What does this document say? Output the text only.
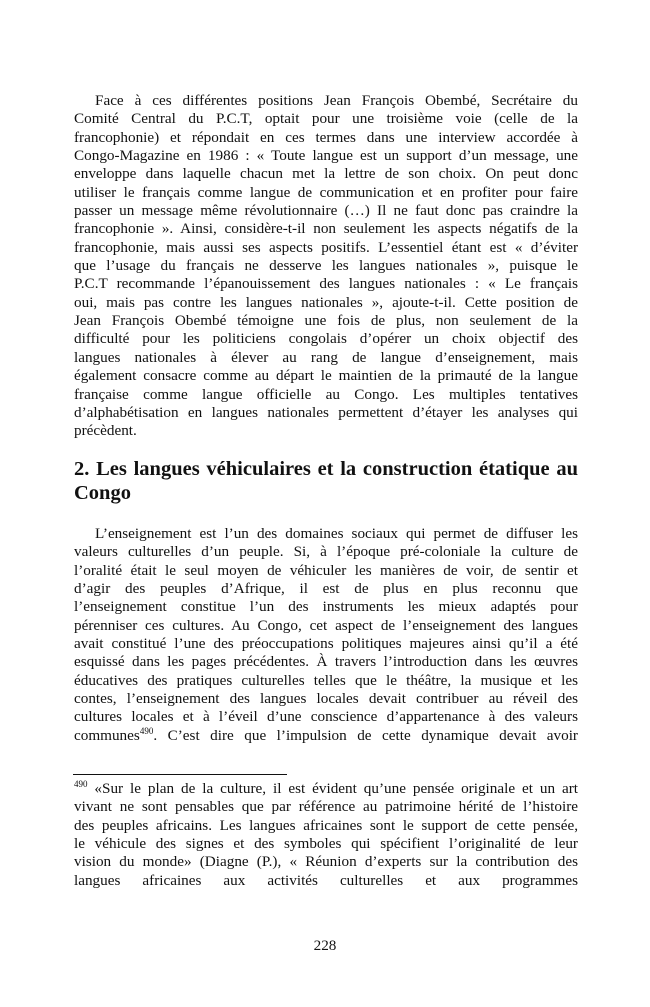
Face à ces différentes positions Jean François Obembé, Secrétaire du
Comité Central du P.C.T, optait pour une troisième voie (celle de la
francophonie) et répondait en ces termes dans une interview accordée à
Congo-Magazine en 1986 : « Toute langue est un support d’un message, une
enveloppe dans laquelle chacun met la lettre de son choix. On peut donc
utiliser le français comme langue de communication et en profiter pour faire
passer un message même révolutionnaire (…) Il ne faut donc pas craindre la
francophonie ». Ainsi, considère-t-il non seulement les aspects négatifs de la
francophonie, mais aussi ses aspects positifs. L’essentiel étant est « d’éviter
que l’usage du français ne desserve les langues nationales », puisque le
P.C.T recommande l’épanouissement des langues nationales : « Le français
oui, mais pas contre les langues nationales », ajoute-t-il. Cette position de
Jean François Obembé témoigne une fois de plus, non seulement de la
difficulté pour les politiciens congolais d’opérer un choix objectif des
langues nationales à élever au rang de langue d’enseignement, mais
également consacre comme au départ le maintien de la primauté de la langue
française comme langue officielle au Congo. Les multiples tentatives
d’alphabétisation en langues nationales permettent d’étayer les analyses qui
précèdent.
2. Les langues véhiculaires et la construction étatique au
Congo
L’enseignement est l’un des domaines sociaux qui permet de diffuser les
valeurs culturelles d’un peuple. Si, à l’époque pré-coloniale la culture de
l’oralité était le seul moyen de véhiculer les manières de voir, de sentir et
d’agir des peuples d’Afrique, il est de plus en plus reconnu que
l’enseignement constitue l’un des instruments les mieux adaptés pour
pérenniser ces cultures. Au Congo, cet aspect de l’enseignement des langues
avait constitué l’une des préoccupations politiques majeures ainsi qu’il a été
esquissé dans les pages précédentes. À travers l’introduction dans les œuvres
éducatives des pratiques culturelles telles que le théâtre, la musique et les
contes, l’enseignement des langues locales devait contribuer au réveil des
cultures locales et à l’éveil d’une conscience d’appartenance à des valeurs
communes$^{490}$. C’est dire que l’impulsion de cette dynamique devait avoir
$^{490}$ «Sur le plan de la culture, il est évident qu’une pensée originale et un art
vivant ne sont pensables que par référence au patrimoine hérité de l’histoire
des peuples africains. Les langues africaines sont le support de cette pensée,
le véhicule des signes et des symboles qui spécifient l’originalité de leur
vision du monde» (Diagne (P.), « Réunion d’experts sur la contribution des
langues africaines aux activités culturelles et aux programmes
228
